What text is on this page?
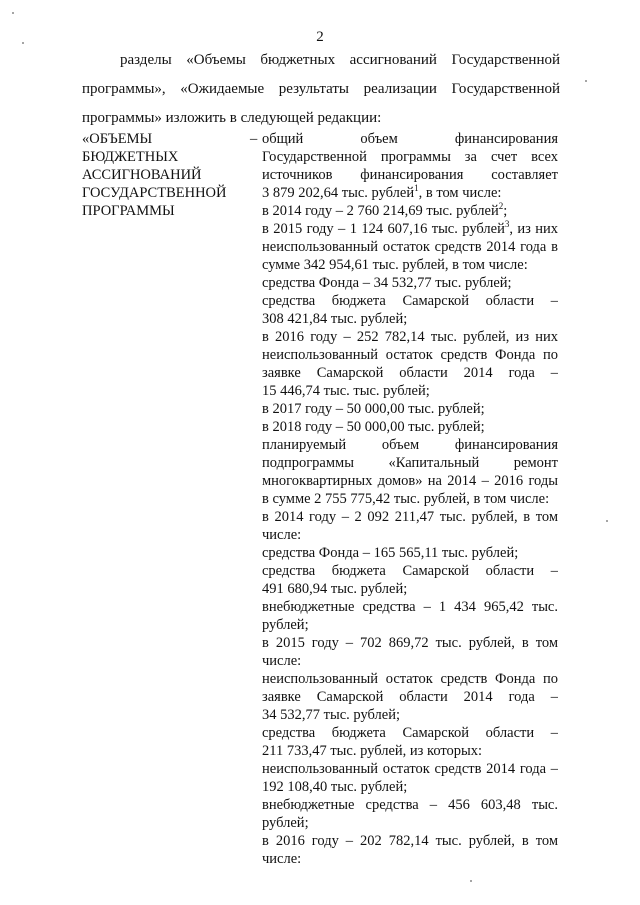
2
разделы «Объемы бюджетных ассигнований Государственной
программы», «Ожидаемые результаты реализации Государственной
программы» изложить в следующей редакции:
«ОБЪЕМЫ
БЮДЖЕТНЫХ
АССИГНОВАНИЙ
ГОСУДАРСТВЕННОЙ
ПРОГРАММЫ
– общий объем финансирования
Государственной программы за счет всех
источников финансирования составляет
3 879 202,64 тыс. рублей$^1$, в том числе:
в 2014 году – 2 760 214,69 тыс. рублей$^2$;
в 2015 году – 1 124 607,16 тыс. рублей$^3$, из них
неиспользованный остаток средств 2014 года в
сумме 342 954,61 тыс. рублей, в том числе:
средства Фонда – 34 532,77 тыс. рублей;
средства бюджета Самарской области –
308 421,84 тыс. рублей;
в 2016 году – 252 782,14 тыс. рублей, из них
неиспользованный остаток средств Фонда по
заявке Самарской области 2014 года –
15 446,74 тыс. тыс. рублей;
в 2017 году – 50 000,00 тыс. рублей;
в 2018 году – 50 000,00 тыс. рублей;
планируемый объем финансирования
подпрограммы «Капитальный ремонт
многоквартирных домов» на 2014 – 2016 годы
в сумме 2 755 775,42 тыс. рублей, в том числе:
в 2014 году – 2 092 211,47 тыс. рублей, в том
числе:
средства Фонда – 165 565,11 тыс. рублей;
средства бюджета Самарской области –
491 680,94 тыс. рублей;
внебюджетные средства – 1 434 965,42 тыс.
рублей;
в 2015 году – 702 869,72 тыс. рублей, в том
числе:
неиспользованный остаток средств Фонда по
заявке Самарской области 2014 года –
34 532,77 тыс. рублей;
средства бюджета Самарской области –
211 733,47 тыс. рублей, из которых:
неиспользованный остаток средств 2014 года –
192 108,40 тыс. рублей;
внебюджетные средства – 456 603,48 тыс.
рублей;
в 2016 году – 202 782,14 тыс. рублей, в том
числе:
